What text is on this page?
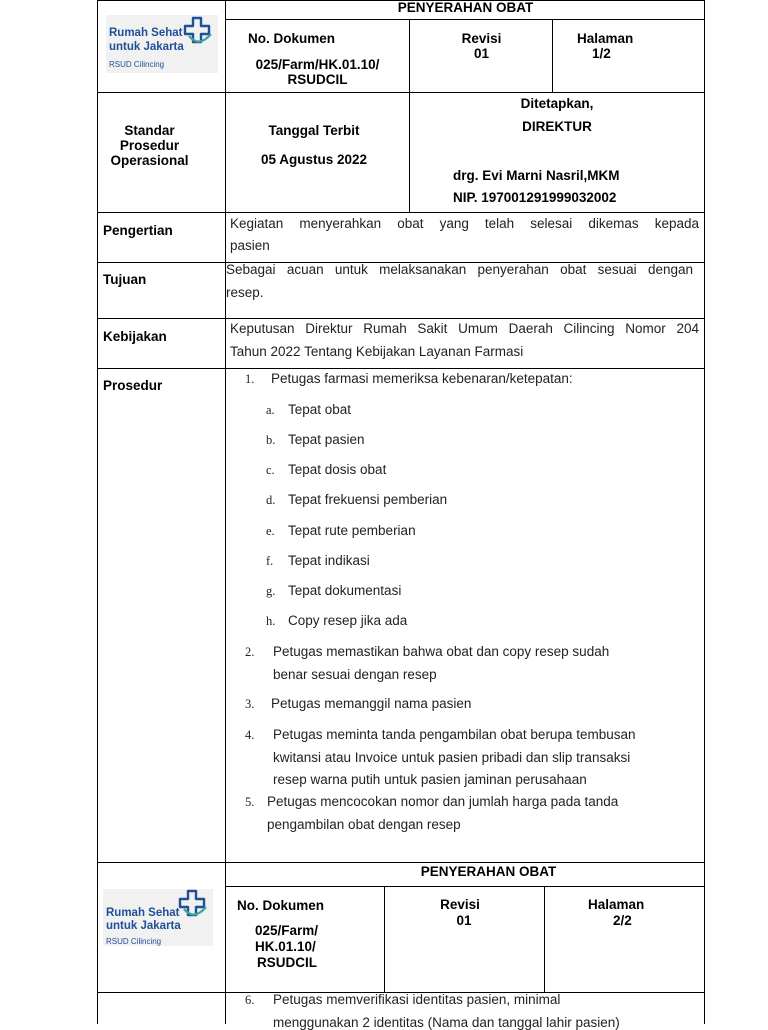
PENYERAHAN OBAT
Rumah Sehat
untuk Jakarta
RSUD Cilincing
No. Dokumen
025/Farm/HK.01.10/
RSUDCIL
Revisi
01
Halaman
1/2
Standar
Prosedur
Operasional
Tanggal Terbit
05 Agustus 2022
Ditetapkan,
DIREKTUR
drg. Evi Marni Nasril,MKM
NIP. 197001291999032002
Pengertian	Kegiatan menyerahkan obat yang telah selesai dikemas kepada
pasien
Tujuan
Sebagai acuan untuk melaksanakan penyerahan obat sesuai dengan
resep.
Kebijakan
Keputusan Direktur Rumah Sakit Umum Daerah Cilincing Nomor 204
Tahun 2022 Tentang Kebijakan Layanan Farmasi
Prosedur	1. Petugas farmasi memeriksa kebenaran/ketepatan:
a. Tepat obat
b. Tepat pasien
c. Tepat dosis obat
d. Tepat frekuensi pemberian
e. Tepat rute pemberian
f. Tepat indikasi
g. Tepat dokumentasi
h. Copy resep jika ada
2. Petugas memastikan bahwa obat dan copy resep sudah
benar sesuai dengan resep
3. Petugas memanggil nama pasien
4. Petugas meminta tanda pengambilan obat berupa tembusan
kwitansi atau Invoice untuk pasien pribadi dan slip transaksi
resep warna putih untuk pasien jaminan perusahaan
5. Petugas mencocokan nomor dan jumlah harga pada tanda
pengambilan obat dengan resep
PENYERAHAN OBAT
Rumah Sehat
untuk Jakarta
RSUD Cilincing
No. Dokumen
025/Farm/
HK.01.10/
RSUDCIL
Revisi
01
Halaman
2/2
6. Petugas memverifikasi identitas pasien, minimal
menggunakan 2 identitas (Nama dan tanggal lahir pasien)
